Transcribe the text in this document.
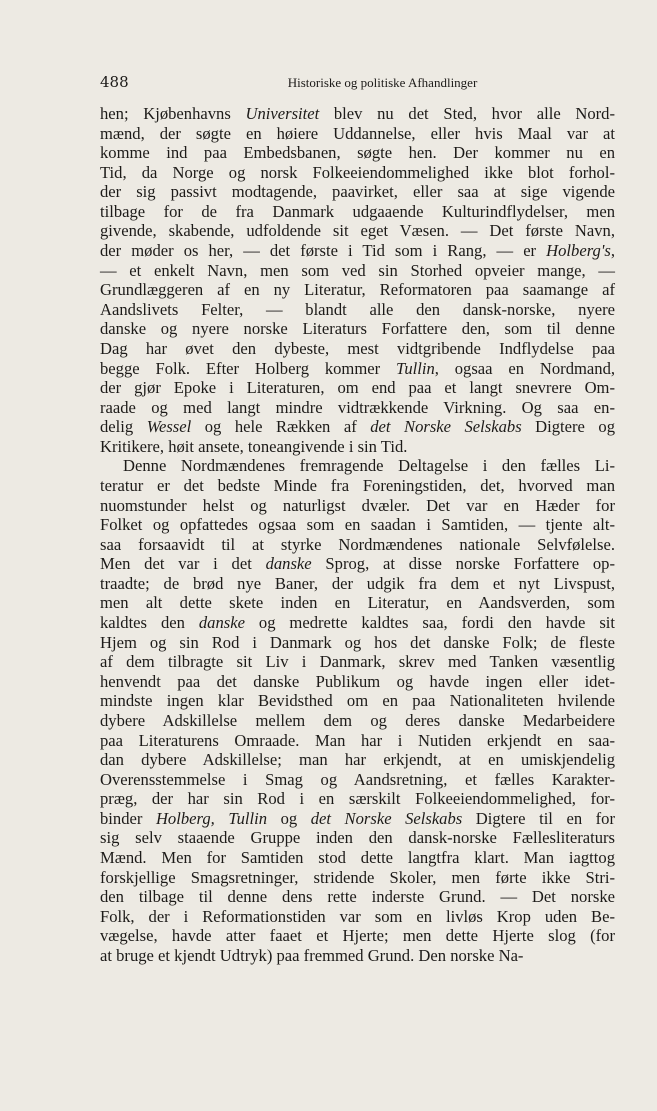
488	Historiske og politiske Afhandlinger
hen; Kjøbenhavns Universitet blev nu det Sted, hvor alle Nord-
mænd, der søgte en høiere Uddannelse, eller hvis Maal var at
komme ind paa Embedsbanen, søgte hen. Der kommer nu en
Tid, da Norge og norsk Folkeeiendommelighed ikke blot forhol-
der sig passivt modtagende, paavirket, eller saa at sige vigende
tilbage for de fra Danmark udgaaende Kulturindflydelser, men
givende, skabende, udfoldende sit eget Væsen. — Det første Navn,
der møder os her, — det første i Tid som i Rang, — er Holberg's,
— et enkelt Navn, men som ved sin Storhed opveier mange, —
Grundlæggeren af en ny Literatur, Reformatoren paa saamange af
Aandslivets Felter, — blandt alle den dansk-norske, nyere
danske og nyere norske Literaturs Forfattere den, som til denne
Dag har øvet den dybeste, mest vidtgribende Indflydelse paa
begge Folk. Efter Holberg kommer Tullin, ogsaa en Nordmand,
der gjør Epoke i Literaturen, om end paa et langt snevrere Om-
raade og med langt mindre vidtrækkende Virkning. Og saa en-
delig Wessel og hele Rækken af det Norske Selskabs Digtere og
Kritikere, høit ansete, toneangivende i sin Tid.
Denne Nordmændenes fremragende Deltagelse i den fælles Li-
teratur er det bedste Minde fra Foreningstiden, det, hvorved man
nuomstunder helst og naturligst dvæler. Det var en Hæder for
Folket og opfattedes ogsaa som en saadan i Samtiden, — tjente alt-
saa forsaavidt til at styrke Nordmændenes nationale Selvfølelse.
Men det var i det danske Sprog, at disse norske Forfattere op-
traadte; de brød nye Baner, der udgik fra dem et nyt Livspust,
men alt dette skete inden en Literatur, en Aandsverden, som
kaldtes den danske og medrette kaldtes saa, fordi den havde sit
Hjem og sin Rod i Danmark og hos det danske Folk; de fleste
af dem tilbragte sit Liv i Danmark, skrev med Tanken væsentlig
henvendt paa det danske Publikum og havde ingen eller idet-
mindste ingen klar Bevidsthed om en paa Nationaliteten hvilende
dybere Adskillelse mellem dem og deres danske Medarbeidere
paa Literaturens Omraade. Man har i Nutiden erkjendt en saa-
dan dybere Adskillelse; man har erkjendt, at en umiskjendelig
Overensstemmelse i Smag og Aandsretning, et fælles Karakter-
præg, der har sin Rod i en særskilt Folkeeiendommelighed, for-
binder Holberg, Tullin og det Norske Selskabs Digtere til en for
sig selv staaende Gruppe inden den dansk-norske Fællesliteraturs
Mænd. Men for Samtiden stod dette langtfra klart. Man iagttog
forskjellige Smagsretninger, stridende Skoler, men førte ikke Stri-
den tilbage til denne dens rette inderste Grund. — Det norske
Folk, der i Reformationstiden var som en livløs Krop uden Be-
vægelse, havde atter faaet et Hjerte; men dette Hjerte slog (for
at bruge et kjendt Udtryk) paa fremmed Grund. Den norske Na-
